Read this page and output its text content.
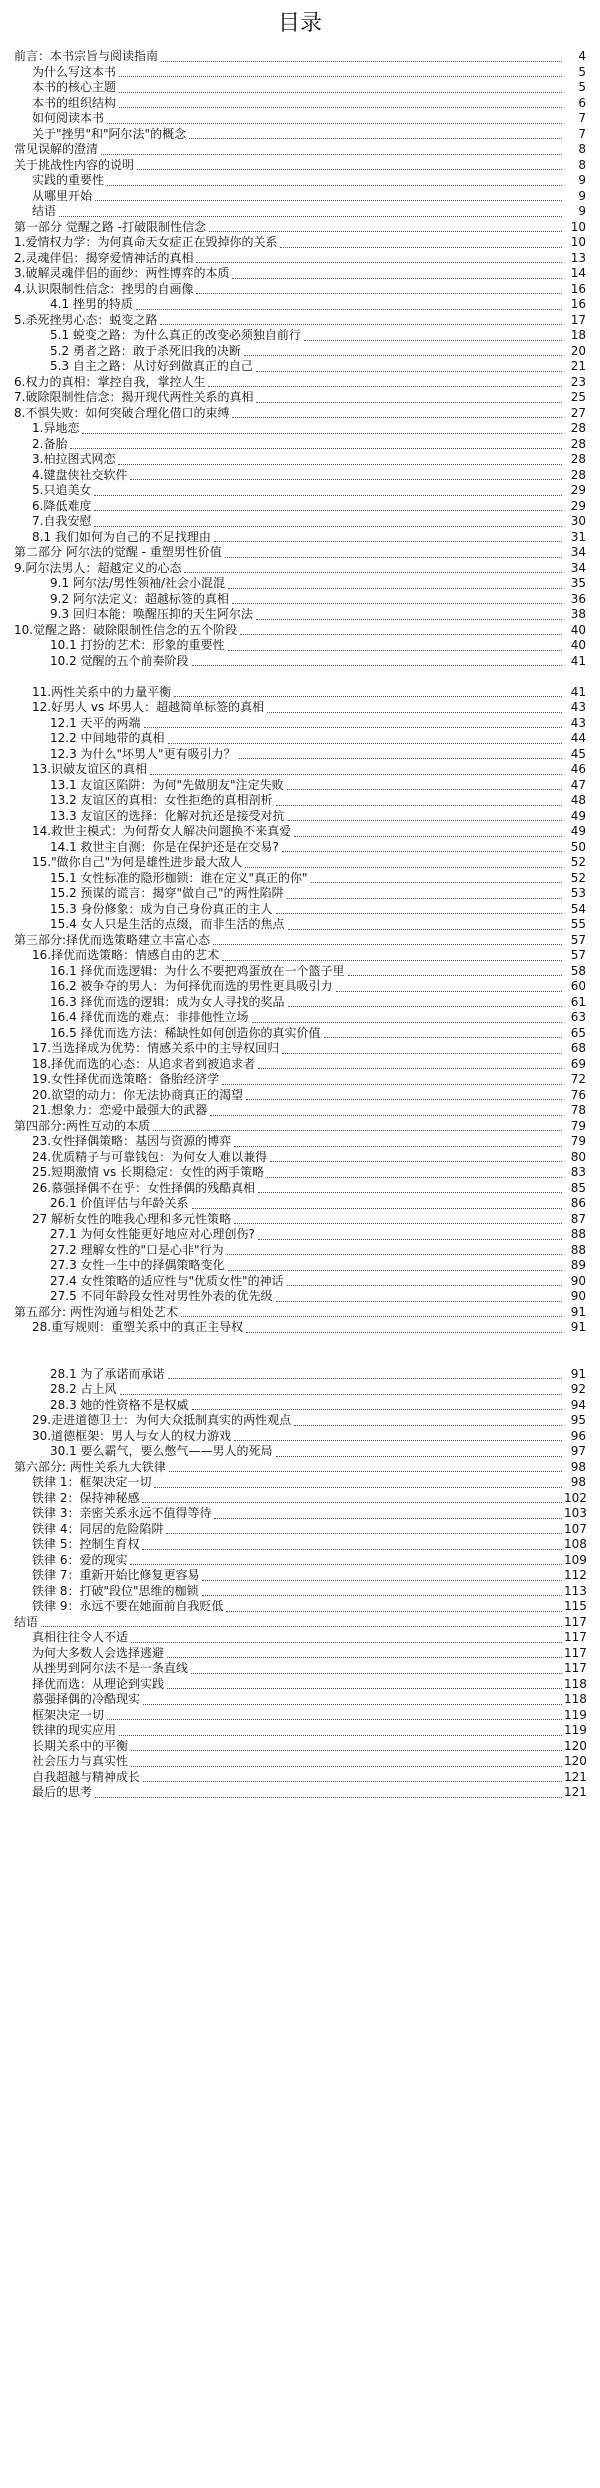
目录
前言：本书宗旨与阅读指南	4
为什么写这本书	5
本书的核心主题	5
本书的组织结构	6
如何阅读本书	7
关于"挫男"和"阿尔法"的概念	7
常见误解的澄清	8
关于挑战性内容的说明	8
实践的重要性	9
从哪里开始	9
结语	9
第一部分 觉醒之路 -打破限制性信念	10
1.爱情权力学：为何真命天女症正在毁掉你的关系	10
2.灵魂伴侣：揭穿爱情神话的真相	13
3.破解灵魂伴侣的面纱：两性博弈的本质	14
4.认识限制性信念：挫男的自画像	16
4.1 挫男的特质	16
5.杀死挫男心态：蜕变之路	17
5.1 蜕变之路：为什么真正的改变必须独自前行	18
5.2 勇者之路：敢于杀死旧我的决断	20
5.3 自主之路：从讨好到做真正的自己	21
6.权力的真相：掌控自我，掌控人生	23
7.破除限制性信念：揭开现代两性关系的真相	25
8.不惧失败：如何突破合理化借口的束缚	27
1.异地恋	28
2.备胎	28
3.柏拉图式网恋	28
4.键盘侠社交软件	28
5.只追美女	29
6.降低难度	29
7.自我安慰	30
8.1 我们如何为自己的不足找理由	31
第二部分 阿尔法的觉醒 - 重塑男性价值	34
9.阿尔法男人：超越定义的心态	34
9.1 阿尔法/男性领袖/社会小混混	35
9.2 阿尔法定义：超越标签的真相	36
9.3 回归本能：唤醒压抑的天生阿尔法	38
10.觉醒之路：破除限制性信念的五个阶段	40
10.1 打扮的艺术：形象的重要性	40
10.2 觉醒的五个前奏阶段	41
11.两性关系中的力量平衡	41
12.好男人 vs 坏男人：超越简单标签的真相	43
12.1 天平的两端	43
12.2 中间地带的真相	44
12.3 为什么"坏男人"更有吸引力？	45
13.识破友谊区的真相	46
13.1 友谊区陷阱：为何"先做朋友"注定失败	47
13.2 友谊区的真相：女性拒绝的真相剖析	48
13.3 友谊区的选择：化解对抗还是接受对抗	49
14.救世主模式：为何帮女人解决问题换不来真爱	49
14.1 救世主自测：你是在保护还是在交易?	50
15."做你自己"为何是雄性进步最大敌人	52
15.1 女性标准的隐形枷锁：谁在定义"真正的你"	52
15.2 预谋的谎言：揭穿"做自己"的两性陷阱	53
15.3 身份修象：成为自己身份真正的主人	54
15.4 女人只是生活的点缀，而非生活的焦点	55
第三部分:择优而选策略建立丰富心态	57
16.择优而选策略：情感自由的艺术	57
16.1 择优而选逻辑：为什么不要把鸡蛋放在一个篮子里	58
16.2 被争夺的男人：为何择优而选的男性更具吸引力	60
16.3 择优而选的逻辑：成为女人寻找的奖品	61
16.4 择优而选的难点：非排他性立场	63
16.5 择优而选方法：稀缺性如何创造你的真实价值	65
17.当选择成为优势：情感关系中的主导权回归	68
18.择优而选的心态：从追求者到被追求者	69
19.女性择优而选策略：备胎经济学	72
20.欲望的动力：你无法协商真正的渴望	76
21.想象力：恋爱中最强大的武器	78
第四部分:两性互动的本质	79
23.女性择偶策略：基因与资源的博弈	79
24.优质精子与可靠钱包：为何女人难以兼得	80
25.短期激情 vs 长期稳定：女性的两手策略	83
26.慕强择偶不在乎：女性择偶的残酷真相	85
26.1 价值评估与年龄关系	86
27 解析女性的唯我心理和多元性策略	87
27.1 为何女性能更好地应对心理创伤?	88
27.2 理解女性的"口是心非"行为	88
27.3 女性一生中的择偶策略变化	89
27.4 女性策略的适应性与"优质女性"的神话	90
27.5 不同年龄段女性对男性外表的优先级	90
第五部分: 两性沟通与相处艺术	91
28.重写规则：重塑关系中的真正主导权	91
28.1 为了承诺而承诺	91
28.2 占上风	92
28.3 她的性资格不是权威	94
29.走进道德卫士：为何大众抵制真实的两性观点	95
30.道德框架：男人与女人的权力游戏	96
30.1 要么霸气，要么憋气——男人的死局	97
第六部分: 两性关系九大铁律	98
铁律 1：框架决定一切	98
铁律 2：保持神秘感	102
铁律 3：亲密关系永远不值得等待	103
铁律 4：同居的危险陷阱	107
铁律 5：控制生育权	108
铁律 6：爱的现实	109
铁律 7：重新开始比修复更容易	112
铁律 8：打破"段位"思维的枷锁	113
铁律 9：永远不要在她面前自我贬低	115
结语	117
真相往往令人不适	117
为何大多数人会选择逃避	117
从挫男到阿尔法不是一条直线	117
择优而选：从理论到实践	118
慕强择偶的冷酷现实	118
框架决定一切	119
铁律的现实应用	119
长期关系中的平衡	120
社会压力与真实性	120
自我超越与精神成长	121
最后的思考	121
